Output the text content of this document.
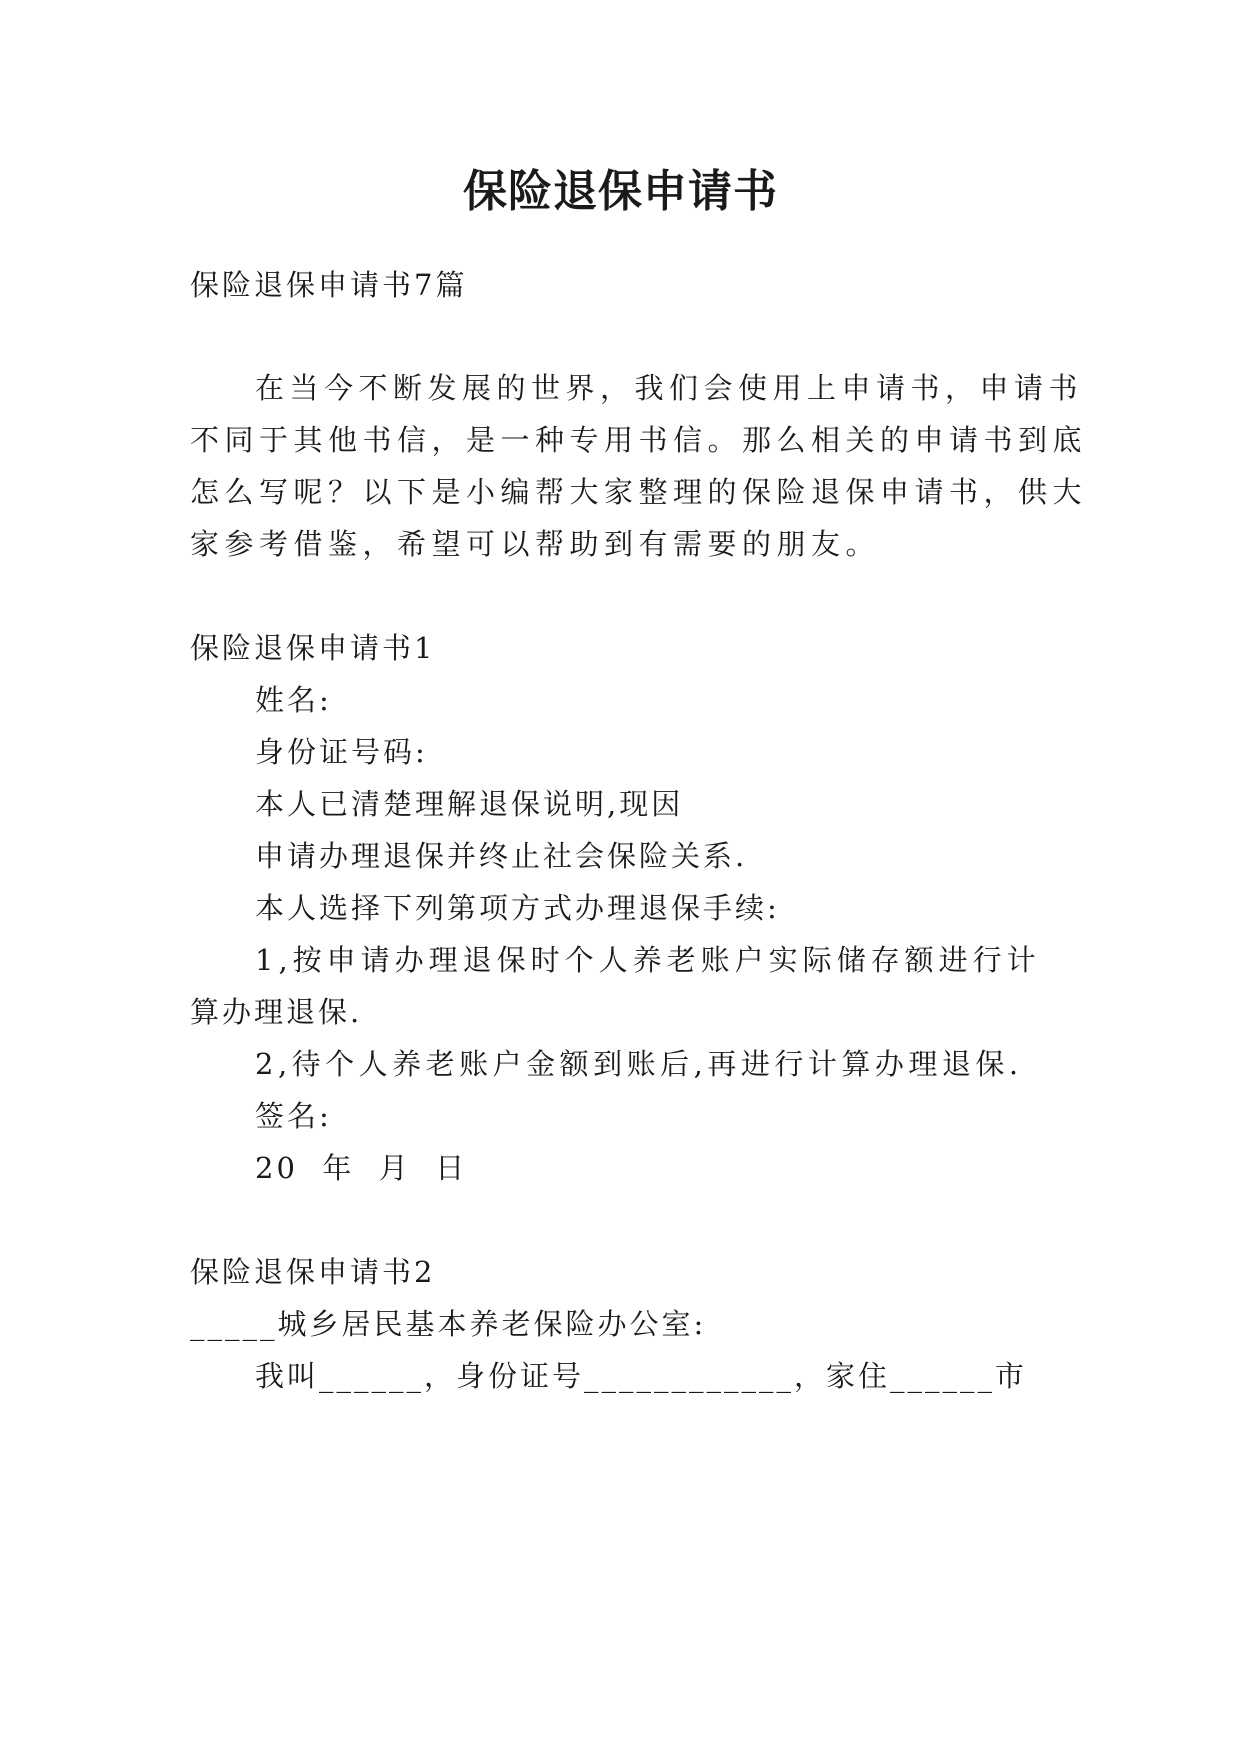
保险退保申请书
保险退保申请书7篇
在当今不断发展的世界，我们会使用上申请书，申请书
不同于其他书信，是一种专用书信。那么相关的申请书到底
怎么写呢？以下是小编帮大家整理的保险退保申请书，供大
家参考借鉴，希望可以帮助到有需要的朋友。
保险退保申请书1
姓名:
身份证号码:
本人已清楚理解退保说明,现因
申请办理退保并终止社会保险关系.
本人选择下列第项方式办理退保手续:
1,按申请办理退保时个人养老账户实际储存额进行计
算办理退保.
2,待个人养老账户金额到账后,再进行计算办理退保.
签名:
20  年  月  日
保险退保申请书2
_____城乡居民基本养老保险办公室:
我叫______，身份证号____________，家住______市
